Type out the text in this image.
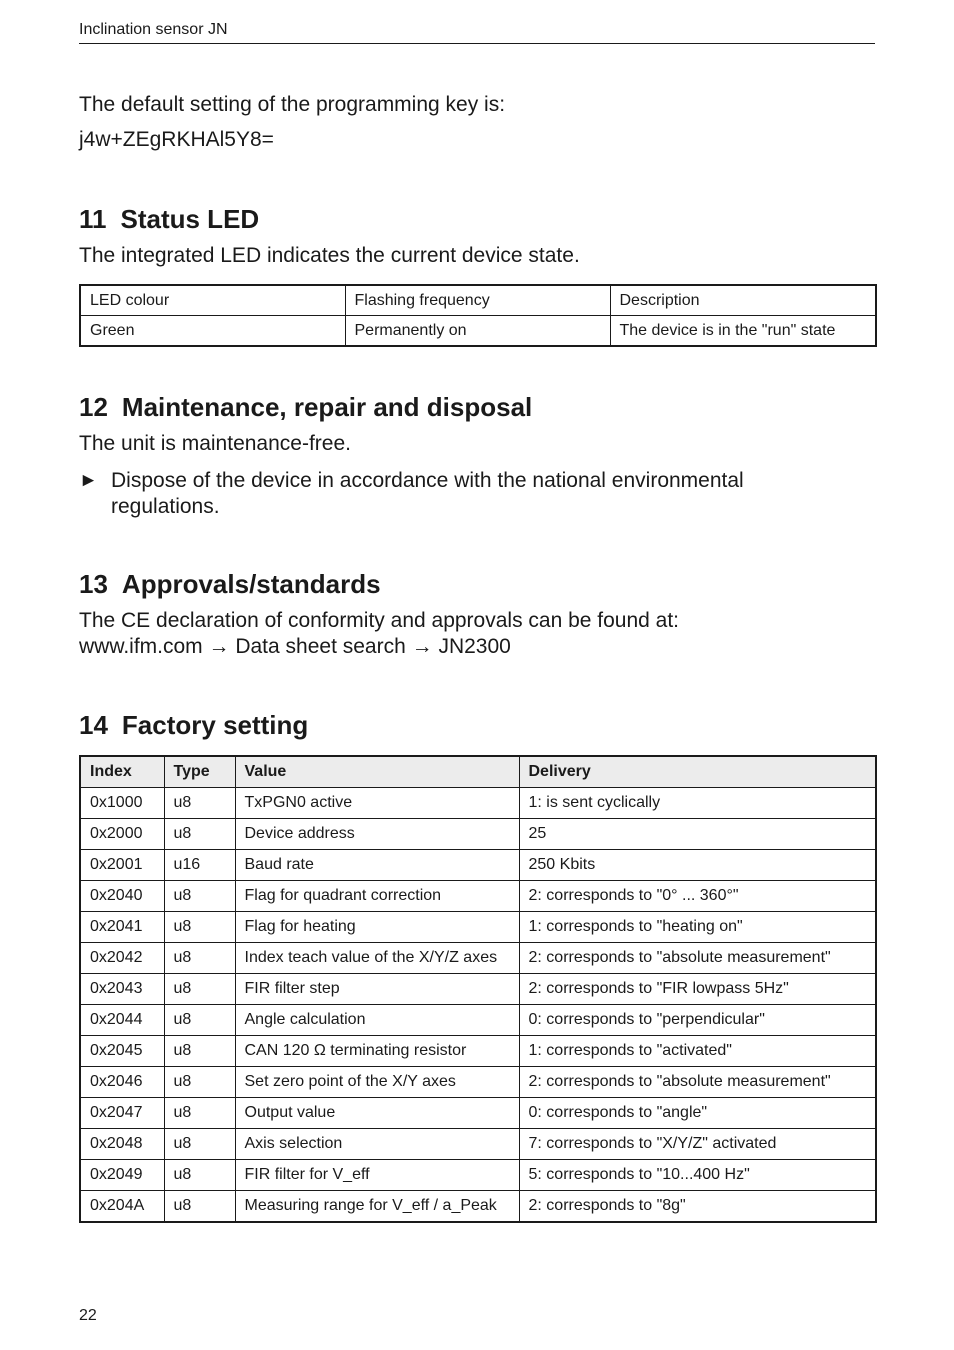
Inclination sensor JN

The default setting of the programming key is:

j4w+ZEgRKHAl5Y8=

11 Status LED

The integrated LED indicates the current device state.

LED colour	Flashing frequency	Description
Green	Permanently on	The device is in the "run" state
12 Maintenance, repair and disposal

The unit is maintenance-free.

► Dispose of the device in accordance with the national environmental regulations.
13 Approvals/standards

The CE declaration of conformity and approvals can be found at:

www.ifm.com → Data sheet search → JN2300

14 Factory setting
Index	Type	Value	Delivery
0x1000	u8	TxPGN0 active	1: is sent cyclically
0x2000	u8	Device address	25
0x2001	u16	Baud rate	250 Kbits
0x2040	u8	Flag for quadrant correction	2: corresponds to "0° ... 360°"
0x2041	u8	Flag for heating	1: corresponds to "heating on"
0x2042	u8	Index teach value of the X/Y/Z axes	2: corresponds to "absolute measurement"
0x2043	u8	FIR filter step	2: corresponds to "FIR lowpass 5Hz"
0x2044	u8	Angle calculation	0: corresponds to "perpendicular"
0x2045	u8	CAN 120 Ω terminating resistor	1: corresponds to "activated"
0x2046	u8	Set zero point of the X/Y axes	2: corresponds to "absolute measurement"
0x2047	u8	Output value	0: corresponds to "angle"
0x2048	u8	Axis selection	7: corresponds to "X/Y/Z" activated
0x2049	u8	FIR filter for V_eff	5: corresponds to "10...400 Hz"
0x204A	u8	Measuring range for V_eff / a_Peak	2: corresponds to "8g"
22
